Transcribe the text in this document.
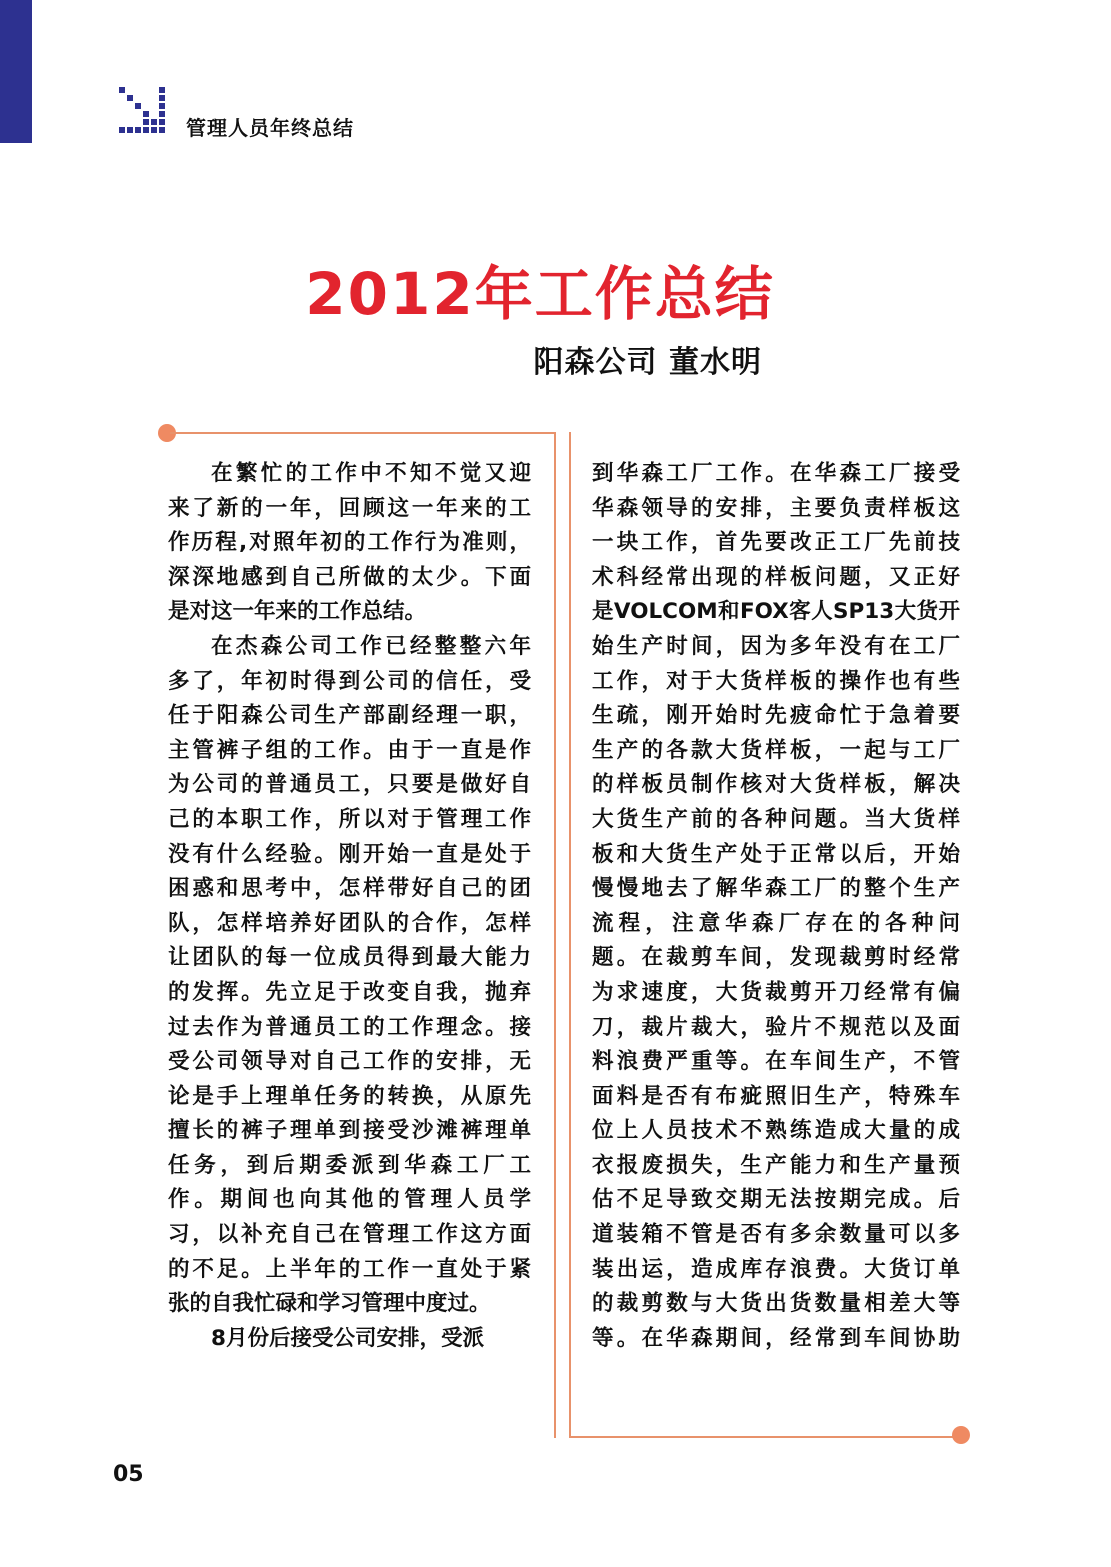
管理人员年终总结
2012年工作总结
阳森公司 董水明

在繁忙的工作中不知不觉又迎

来了新的一年，回顾这一年来的工

作历程,对照年初的工作行为准则，

深深地感到自己所做的太少。下面

是对这一年来的工作总结。

在杰森公司工作已经整整六年

多了，年初时得到公司的信任，受

任于阳森公司生产部副经理一职，

主管裤子组的工作。由于一直是作

为公司的普通员工，只要是做好自

己的本职工作，所以对于管理工作

没有什么经验。刚开始一直是处于

困惑和思考中，怎样带好自己的团

队，怎样培养好团队的合作，怎样

让团队的每一位成员得到最大能力

的发挥。先立足于改变自我，抛弃

过去作为普通员工的工作理念。接

受公司领导对自己工作的安排，无

论是手上理单任务的转换，从原先

擅长的裤子理单到接受沙滩裤理单

任务，到后期委派到华森工厂工

作。期间也向其他的管理人员学

习，以补充自己在管理工作这方面

的不足。上半年的工作一直处于紧

张的自我忙碌和学习管理中度过。

8月份后接受公司安排，受派

到华森工厂工作。在华森工厂接受

华森领导的安排，主要负责样板这

一块工作，首先要改正工厂先前技

术科经常出现的样板问题，又正好

是VOLCOM和FOX客人SP13大货开

始生产时间，因为多年没有在工厂

工作，对于大货样板的操作也有些

生疏，刚开始时先疲命忙于急着要

生产的各款大货样板，一起与工厂

的样板员制作核对大货样板，解决

大货生产前的各种问题。当大货样

板和大货生产处于正常以后，开始

慢慢地去了解华森工厂的整个生产

流程，注意华森厂存在的各种问

题。在裁剪车间，发现裁剪时经常

为求速度，大货裁剪开刀经常有偏

刀，裁片裁大，验片不规范以及面

料浪费严重等。在车间生产，不管

面料是否有布疵照旧生产，特殊车

位上人员技术不熟练造成大量的成

衣报废损失，生产能力和生产量预

估不足导致交期无法按期完成。后

道装箱不管是否有多余数量可以多

装出运，造成库存浪费。大货订单

的裁剪数与大货出货数量相差大等

等。在华森期间，经常到车间协助

05
